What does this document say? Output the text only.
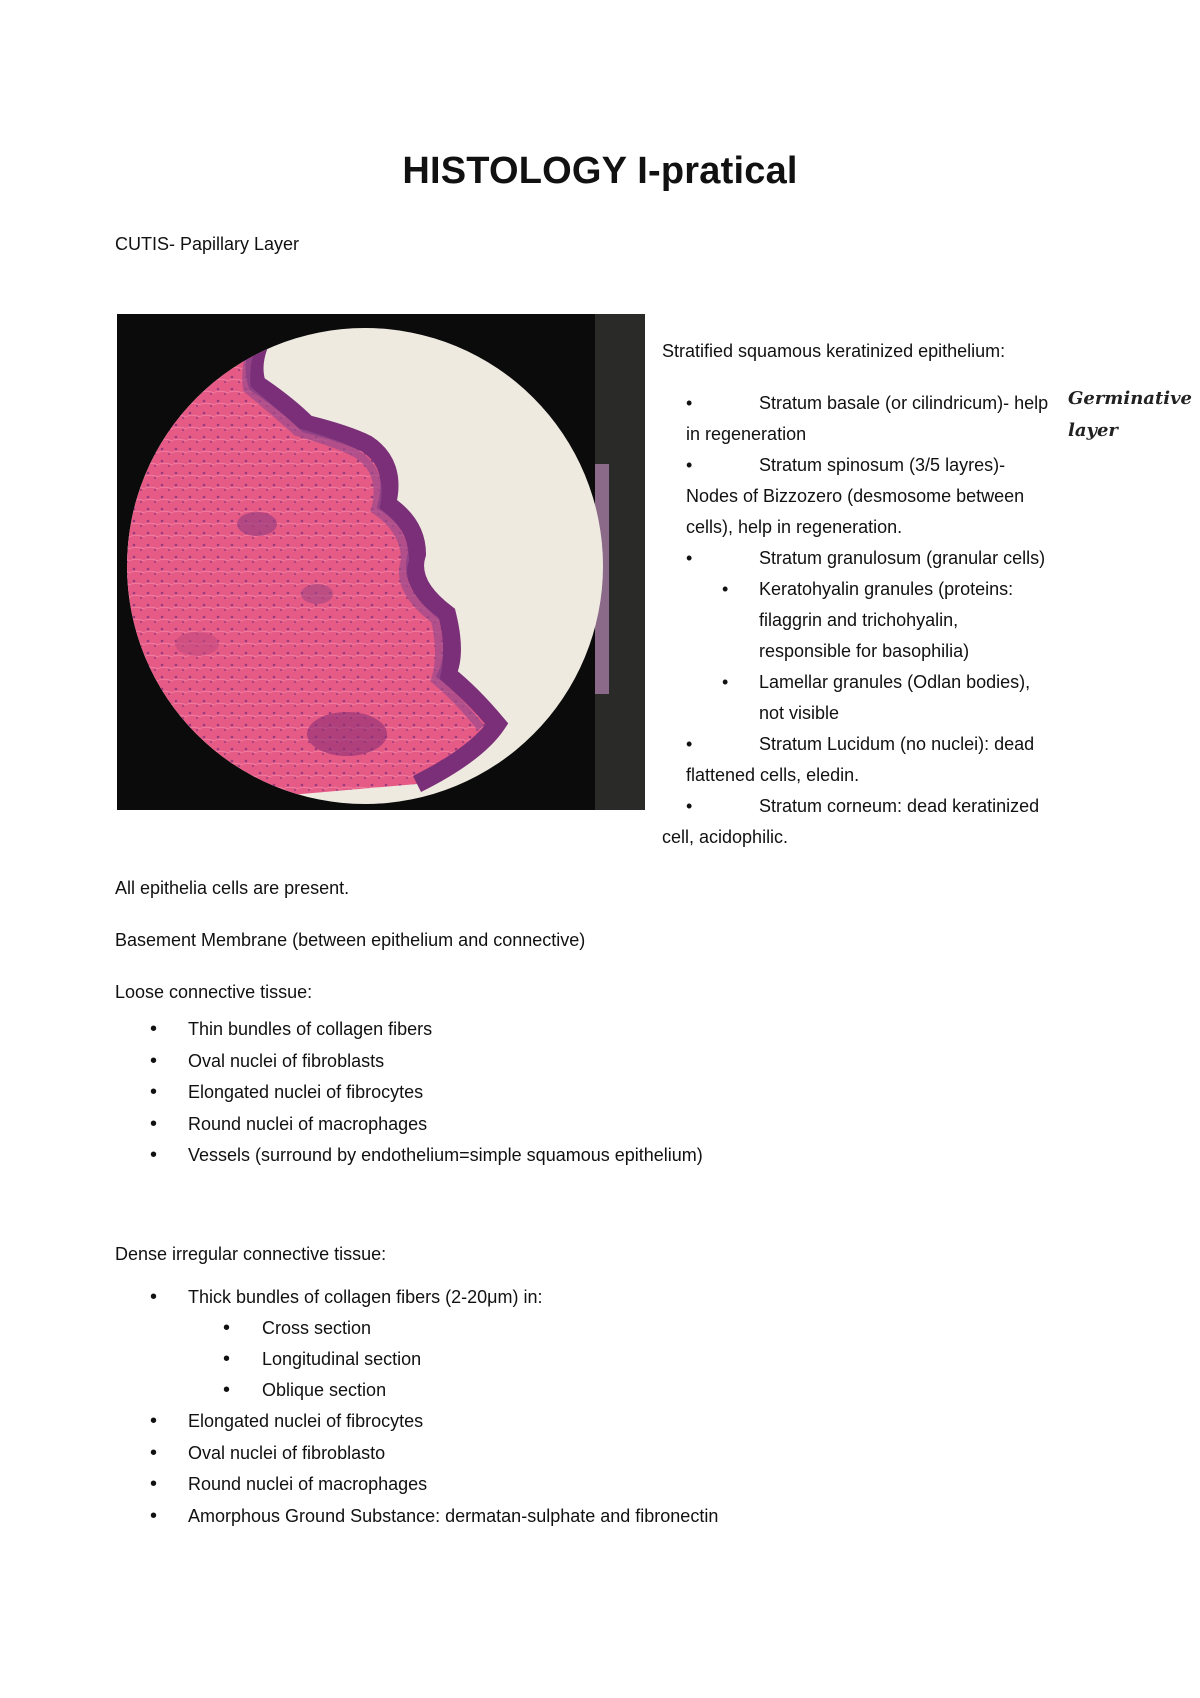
HISTOLOGY I-pratical
CUTIS- Papillary Layer
Stratified squamous keratinized epithelium:
•	Stratum basale (or cilindricum)- help
in regeneration
•	Stratum spinosum (3/5 layres)-
Nodes of Bizzozero (desmosome between
cells), help in regeneration.
•	Stratum granulosum (granular cells)
• Keratohyalin granules (proteins:
filaggrin and trichohyalin,
responsible for basophilia)
• Lamellar granules (Odlan bodies),
not visible
•	Stratum Lucidum (no nuclei): dead
flattened cells, eledin.
•	Stratum corneum: dead keratinized
cell, acidophilic.
Germinative
layer

All epithelia cells are present.

Basement Membrane (between epithelium and connective)

Loose connective tissue:

• Thin bundles of collagen fibers
• Oval nuclei of fibroblasts
• Elongated nuclei of fibrocytes
• Round nuclei of macrophages
• Vessels (surround by endothelium=simple squamous epithelium)

Dense irregular connective tissue:

• Thick bundles of collagen fibers (2-20μm) in:
• Cross section
• Longitudinal section
• Oblique section
• Elongated nuclei of fibrocytes
• Oval nuclei of fibroblasto
• Round nuclei of macrophages
• Amorphous Ground Substance: dermatan-sulphate and fibronectin
